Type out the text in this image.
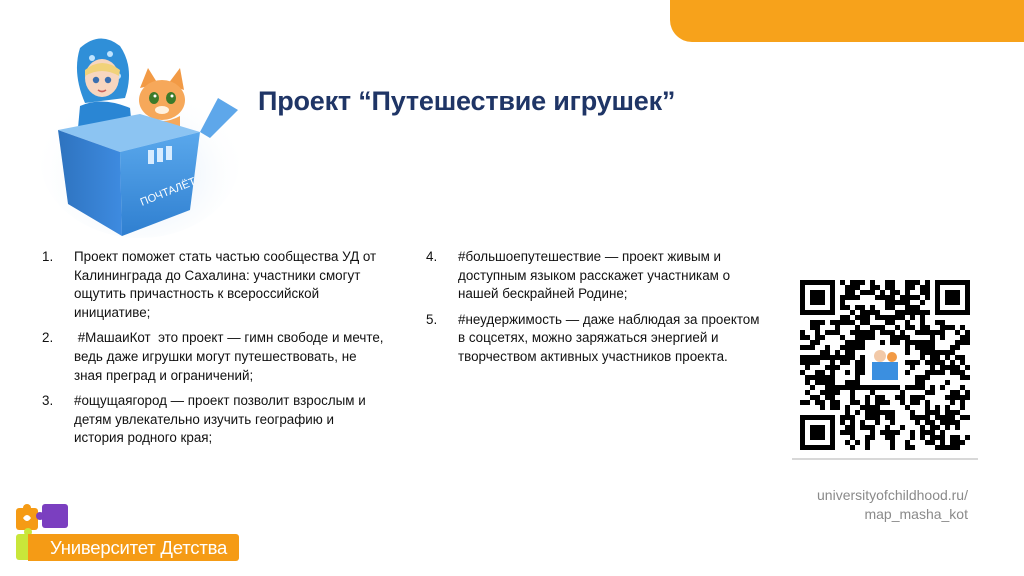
ПОЧТАЛЁТ
Проект “Путешествие игрушек”
1. Проект поможет стать частью сообщества УД от Калининграда до Сахалина: участники смогут ощутить причастность к всероссийской инициативе;
2. #МашаиКот  это проект — гимн свободе и мечте, ведь даже игрушки могут путешествовать, не зная преград и ограничений;
3. #ощущаягород — проект позволит взрослым и детям увлекательно изучить географию и история родного края;
4. #большоепутешествие — проект живым и доступным языком расскажет участникам о нашей бескрайней Родине;
5. #неудержимость — даже наблюдая за проектом в соцсетях, можно заряжаться энергией и творчеством активных участников проекта.
universityofchildhood.ru/
map_masha_kot
Университет Детства
